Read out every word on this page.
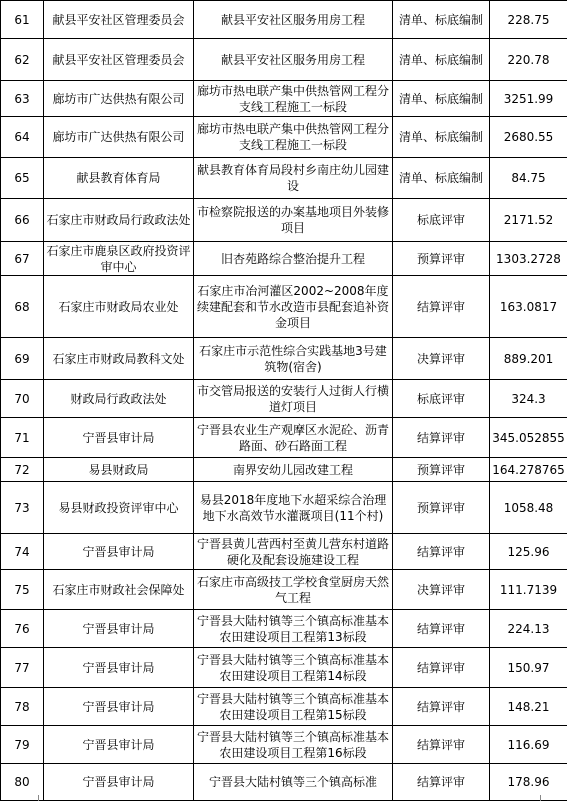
61	献县平安社区管理委员会	献县平安社区服务用房工程	清单、标底编制	228.75
62	献县平安社区管理委员会	献县平安社区服务用房工程	清单、标底编制	220.78
63	廊坊市广达供热有限公司	廊坊市热电联产集中供热管网工程分支线工程施工一标段	清单、标底编制	3251.99
64	廊坊市广达供热有限公司	廊坊市热电联产集中供热管网工程分支线工程施工一标段	清单、标底编制	2680.55
65	献县教育体育局	献县教育体育局段村乡南庄幼儿园建设	清单、标底编制	84.75
66	石家庄市财政局行政政法处	市检察院报送的办案基地项目外装修项目	标底评审	2171.52
67	石家庄市鹿泉区政府投资评审中心	旧杏苑路综合整治提升工程	预算评审	1303.2728
68	石家庄市财政局农业处	石家庄市冶河灌区2002~2008年度续建配套和节水改造市县配套追补资金项目	结算评审	163.0817
69	石家庄市财政局教科文处	石家庄市示范性综合实践基地3号建筑物(宿舍)	决算评审	889.201
70	财政局行政政法处	市交管局报送的安装行人过街人行横道灯项目	标底评审	324.3
71	宁晋县审计局	宁晋县农业生产观摩区水泥砼、沥青路面、砂石路面工程	结算评审	345.052855
72	易县财政局	南界安幼儿园改建工程	预算评审	164.278765
73	易县财政投资评审中心	易县2018年度地下水超采综合治理地下水高效节水灌溉项目(11个村)	预算评审	1058.48
74	宁晋县审计局	宁晋县黄儿营西村至黄儿营东村道路硬化及配套设施建设工程	结算评审	125.96
75	石家庄市财政社会保障处	石家庄市高级技工学校食堂厨房天然气工程	决算评审	111.7139
76	宁晋县审计局	宁晋县大陆村镇等三个镇高标准基本农田建设项目工程第13标段	结算评审	224.13
77	宁晋县审计局	宁晋县大陆村镇等三个镇高标准基本农田建设项目工程第14标段	结算评审	150.97
78	宁晋县审计局	宁晋县大陆村镇等三个镇高标准基本农田建设项目工程第15标段	结算评审	148.21
79	宁晋县审计局	宁晋县大陆村镇等三个镇高标准基本农田建设项目工程第16标段	结算评审	116.69
80	宁晋县审计局	宁晋县大陆村镇等三个镇高标准	结算评审	178.96
